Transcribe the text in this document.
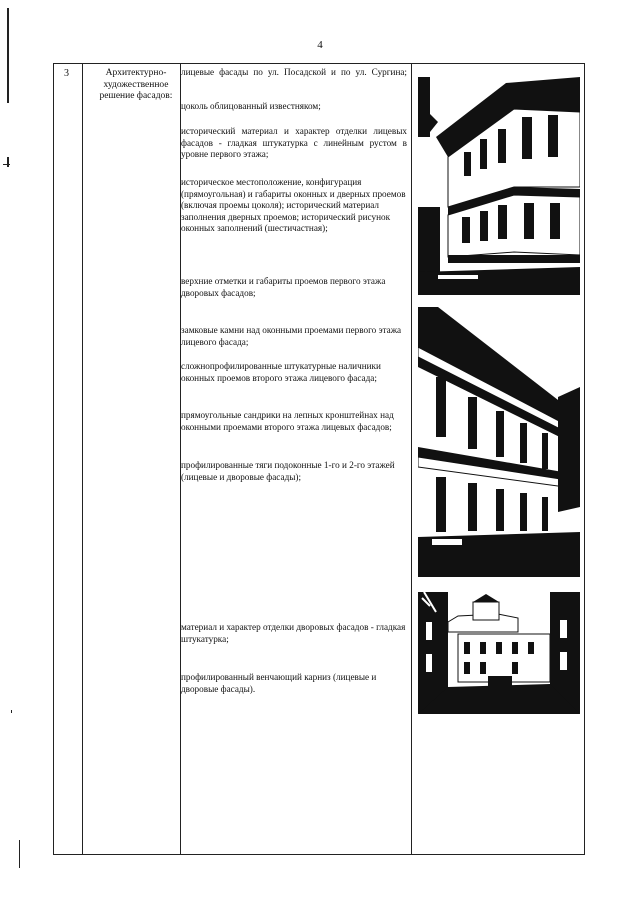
4
3	Архитектурно-художественное решение фасадов:
лицевые фасады по ул. Посадской и по ул. Сургина;
цоколь облицованный известняком;
исторический материал и характер отделки лицевых фасадов - гладкая штукатурка с линейным рустом в уровне первого этажа;
историческое местоположение, конфигурация (прямоугольная) и габариты оконных и дверных проемов (включая проемы цоколя); исторический материал заполнения дверных проемов; исторический рисунок оконных заполнений (шестичастная);
верхние отметки и габариты проемов первого этажа дворовых фасадов;
замковые камни над оконными проемами первого этажа лицевого фасада;
сложнопрофилированные штукатурные наличники оконных проемов второго этажа лицевого фасада;
прямоугольные сандрики на лепных кронштейнах над оконными проемами второго этажа лицевых фасадов;
профилированные тяги подоконные 1-го и 2-го этажей (лицевые и дворовые фасады);
материал и характер отделки дворовых фасадов - гладкая штукатурка;
профилированный венчающий карниз (лицевые и дворовые фасады).
